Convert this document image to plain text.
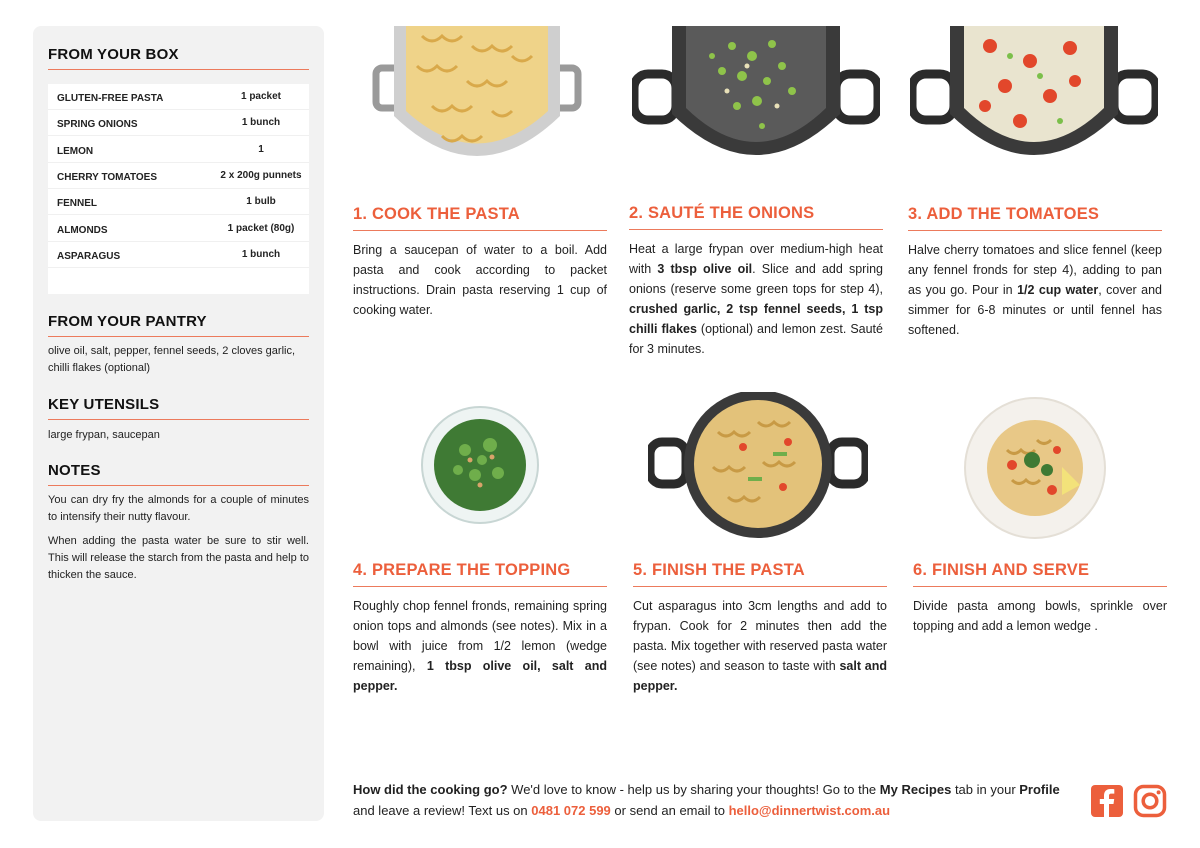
FROM YOUR BOX
GLUTEN-FREE PASTA	1 packet
SPRING ONIONS	1 bunch
LEMON	1
CHERRY TOMATOES	2 x 200g punnets
FENNEL	1 bulb
ALMONDS	1 packet (80g)
ASPARAGUS	1 bunch
FROM YOUR PANTRY
olive oil, salt, pepper, fennel seeds, 2 cloves garlic, chilli flakes (optional)
KEY UTENSILS
large frypan, saucepan
NOTES
You can dry fry the almonds for a couple of minutes to intensify their nutty flavour.
When adding the pasta water be sure to stir well. This will release the starch from the pasta and help to thicken the sauce.
1. COOK THE PASTA
Bring a saucepan of water to a boil. Add pasta and cook according to packet instructions. Drain pasta reserving 1 cup of cooking water.
2. SAUTÉ THE ONIONS
Heat a large frypan over medium-high heat with 3 tbsp olive oil. Slice and add spring onions (reserve some green tops for step 4), crushed garlic, 2 tsp fennel seeds, 1 tsp chilli flakes (optional) and lemon zest. Sauté for 3 minutes.
3. ADD THE TOMATOES
Halve cherry tomatoes and slice fennel (keep any fennel fronds for step 4), adding to pan as you go. Pour in 1/2 cup water, cover and simmer for 6-8 minutes or until fennel has softened.
4. PREPARE THE TOPPING
Roughly chop fennel fronds, remaining spring onion tops and almonds (see notes). Mix in a bowl with juice from 1/2 lemon (wedge remaining), 1 tbsp olive oil, salt and pepper.
5. FINISH THE PASTA
Cut asparagus into 3cm lengths and add to frypan. Cook for 2 minutes then add the pasta. Mix together with reserved pasta water (see notes) and season to taste with salt and pepper.
6. FINISH AND SERVE
Divide pasta among bowls, sprinkle over topping and add a lemon wedge .
How did the cooking go? We'd love to know - help us by sharing your thoughts! Go to the My Recipes tab in your Profile and leave a review! Text us on 0481 072 599 or send an email to hello@dinnertwist.com.au
